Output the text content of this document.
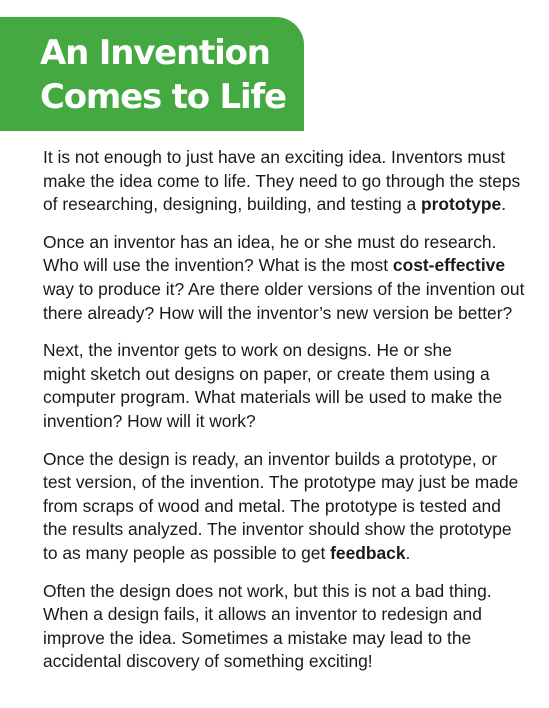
An Invention
Comes to Life

It is not enough to just have an exciting idea. Inventors must
make the idea come to life. They need to go through the steps
of researching, designing, building, and testing a prototype.

Once an inventor has an idea, he or she must do research.
Who will use the invention? What is the most cost-effective
way to produce it? Are there older versions of the invention out
there already? How will the inventor’s new version be better?

Next, the inventor gets to work on designs. He or she
might sketch out designs on paper, or create them using a
computer program. What materials will be used to make the
invention? How will it work?

Once the design is ready, an inventor builds a prototype, or
test version, of the invention. The prototype may just be made
from scraps of wood and metal. The prototype is tested and
the results analyzed. The inventor should show the prototype
to as many people as possible to get feedback.

Often the design does not work, but this is not a bad thing.
When a design fails, it allows an inventor to redesign and
improve the idea. Sometimes a mistake may lead to the
accidental discovery of something exciting!
